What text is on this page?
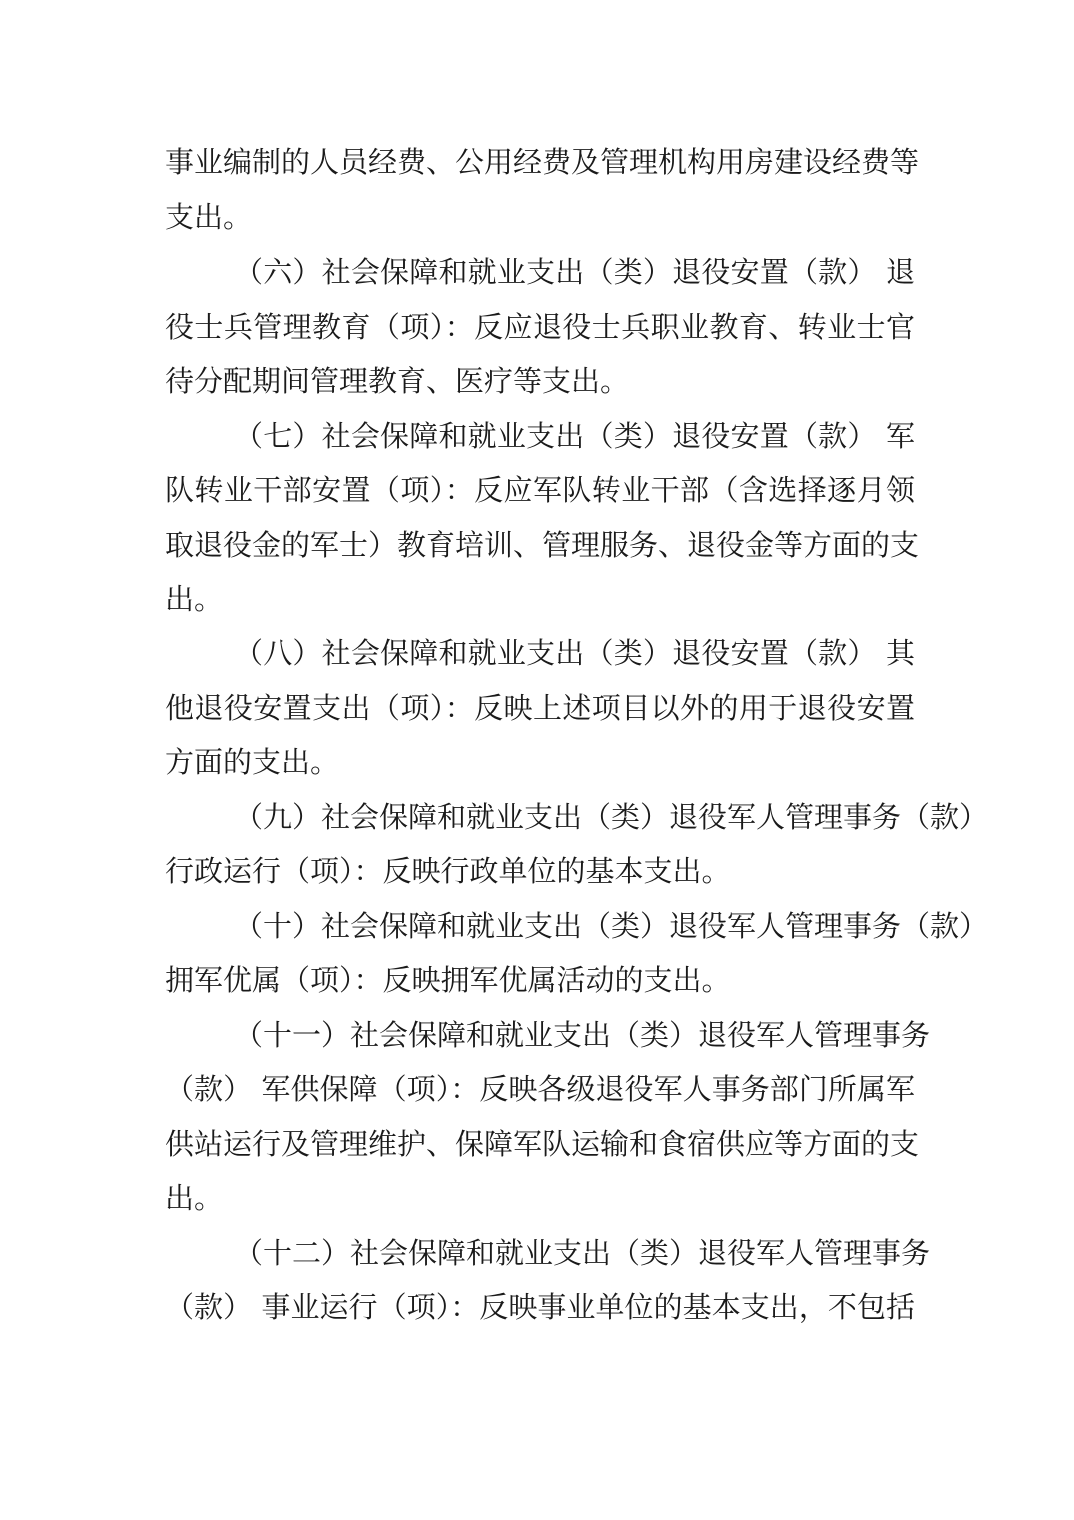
事业编制的人员经费、公用经费及管理机构用房建设经费等
支出。
（六）社会保障和就业支出（类）退役安置（款） 退
役士兵管理教育（项）：反应退役士兵职业教育、转业士官
待分配期间管理教育、医疗等支出。
（七）社会保障和就业支出（类）退役安置（款） 军
队转业干部安置（项）：反应军队转业干部（含选择逐月领
取退役金的军士）教育培训、管理服务、退役金等方面的支
出。
（八）社会保障和就业支出（类）退役安置（款） 其
他退役安置支出（项）：反映上述项目以外的用于退役安置
方面的支出。
（九）社会保障和就业支出（类）退役军人管理事务（款）
行政运行（项）：反映行政单位的基本支出。
（十）社会保障和就业支出（类）退役军人管理事务（款）
拥军优属（项）：反映拥军优属活动的支出。
（十一）社会保障和就业支出（类）退役军人管理事务
（款） 军供保障（项）：反映各级退役军人事务部门所属军
供站运行及管理维护、保障军队运输和食宿供应等方面的支
出。
（十二）社会保障和就业支出（类）退役军人管理事务
（款） 事业运行（项）：反映事业单位的基本支出，不包括
